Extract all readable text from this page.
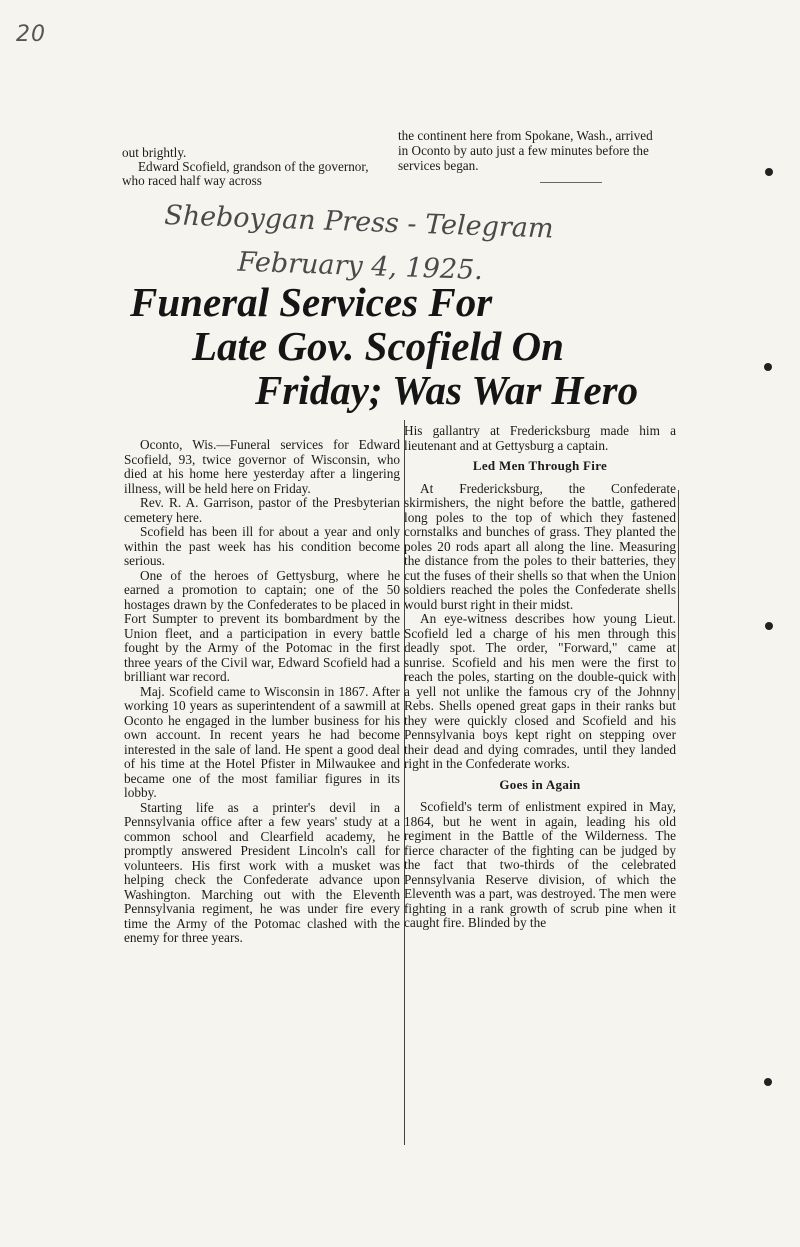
20
out brightly.
Edward Scofield, grandson of the governor, who raced half way across
the continent here from Spokane, Wash., arrived in Oconto by auto just a few minutes before the services began.
Sheboygan Press - Telegram
February 4, 1925.
Funeral Services For
Late Gov. Scofield On
Friday; Was War Hero

Oconto, Wis.—Funeral services for Edward Scofield, 93, twice governor of Wisconsin, who died at his home here yesterday after a lingering illness, will be held here on Friday.

Rev. R. A. Garrison, pastor of the Presbyterian cemetery here.

Scofield has been ill for about a year and only within the past week has his condition become serious.

One of the heroes of Gettysburg, where he earned a promotion to captain; one of the 50 hostages drawn by the Confederates to be placed in Fort Sumpter to prevent its bombardment by the Union fleet, and a participation in every battle fought by the Army of the Potomac in the first three years of the Civil war, Edward Scofield had a brilliant war record.

Maj. Scofield came to Wisconsin in 1867. After working 10 years as superintendent of a sawmill at Oconto he engaged in the lumber business for his own account. In recent years he had become interested in the sale of land. He spent a good deal of his time at the Hotel Pfister in Milwaukee and became one of the most familiar figures in its lobby.

Starting life as a printer's devil in a Pennsylvania office after a few years' study at a common school and Clearfield academy, he promptly answered President Lincoln's call for volunteers. His first work with a musket was helping check the Confederate advance upon Washington. Marching out with the Eleventh Pennsylvania regiment, he was under fire every time the Army of the Potomac clashed with the enemy for three years.

His gallantry at Fredericksburg made him a lieutenant and at Gettysburg a captain.

Led Men Through Fire

At Fredericksburg, the Confederate skirmishers, the night before the battle, gathered long poles to the top of which they fastened cornstalks and bunches of grass. They planted the poles 20 rods apart all along the line. Measuring the distance from the poles to their batteries, they cut the fuses of their shells so that when the Union soldiers reached the poles the Confederate shells would burst right in their midst.

An eye-witness describes how young Lieut. Scofield led a charge of his men through this deadly spot. The order, "Forward," came at sunrise. Scofield and his men were the first to reach the poles, starting on the double-quick with a yell not unlike the famous cry of the Johnny Rebs. Shells opened great gaps in their ranks but they were quickly closed and Scofield and his Pennsylvania boys kept right on stepping over their dead and dying comrades, until they landed right in the Confederate works.

Goes in Again

Scofield's term of enlistment expired in May, 1864, but he went in again, leading his old regiment in the Battle of the Wilderness. The fierce character of the fighting can be judged by the fact that two-thirds of the celebrated Pennsylvania Reserve division, of which the Eleventh was a part, was destroyed. The men were fighting in a rank growth of scrub pine when it caught fire. Blinded by the
